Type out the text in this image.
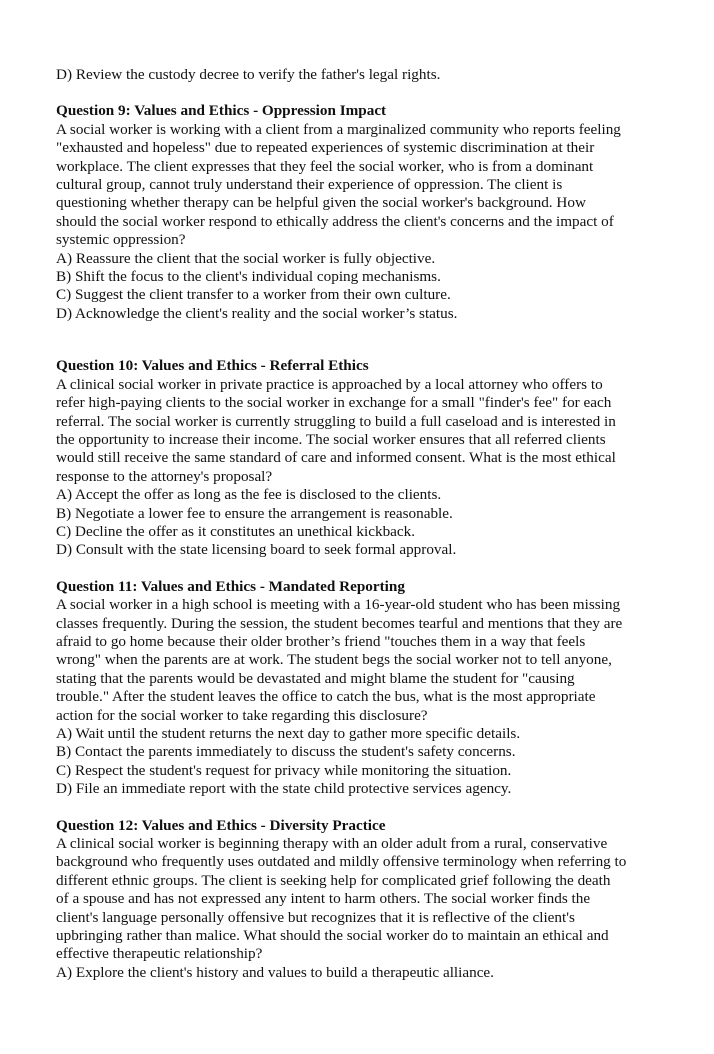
D) Review the custody decree to verify the father's legal rights.
Question 9: Values and Ethics - Oppression Impact
A social worker is working with a client from a marginalized community who reports feeling
"exhausted and hopeless" due to repeated experiences of systemic discrimination at their
workplace. The client expresses that they feel the social worker, who is from a dominant
cultural group, cannot truly understand their experience of oppression. The client is
questioning whether therapy can be helpful given the social worker's background. How
should the social worker respond to ethically address the client's concerns and the impact of
systemic oppression?
A) Reassure the client that the social worker is fully objective.
B) Shift the focus to the client's individual coping mechanisms.
C) Suggest the client transfer to a worker from their own culture.
D) Acknowledge the client's reality and the social worker’s status.
Question 10: Values and Ethics - Referral Ethics
A clinical social worker in private practice is approached by a local attorney who offers to
refer high-paying clients to the social worker in exchange for a small "finder's fee" for each
referral. The social worker is currently struggling to build a full caseload and is interested in
the opportunity to increase their income. The social worker ensures that all referred clients
would still receive the same standard of care and informed consent. What is the most ethical
response to the attorney's proposal?
A) Accept the offer as long as the fee is disclosed to the clients.
B) Negotiate a lower fee to ensure the arrangement is reasonable.
C) Decline the offer as it constitutes an unethical kickback.
D) Consult with the state licensing board to seek formal approval.
Question 11: Values and Ethics - Mandated Reporting
A social worker in a high school is meeting with a 16-year-old student who has been missing
classes frequently. During the session, the student becomes tearful and mentions that they are
afraid to go home because their older brother’s friend "touches them in a way that feels
wrong" when the parents are at work. The student begs the social worker not to tell anyone,
stating that the parents would be devastated and might blame the student for "causing
trouble." After the student leaves the office to catch the bus, what is the most appropriate
action for the social worker to take regarding this disclosure?
A) Wait until the student returns the next day to gather more specific details.
B) Contact the parents immediately to discuss the student's safety concerns.
C) Respect the student's request for privacy while monitoring the situation.
D) File an immediate report with the state child protective services agency.
Question 12: Values and Ethics - Diversity Practice
A clinical social worker is beginning therapy with an older adult from a rural, conservative
background who frequently uses outdated and mildly offensive terminology when referring to
different ethnic groups. The client is seeking help for complicated grief following the death
of a spouse and has not expressed any intent to harm others. The social worker finds the
client's language personally offensive but recognizes that it is reflective of the client's
upbringing rather than malice. What should the social worker do to maintain an ethical and
effective therapeutic relationship?
A) Explore the client's history and values to build a therapeutic alliance.
